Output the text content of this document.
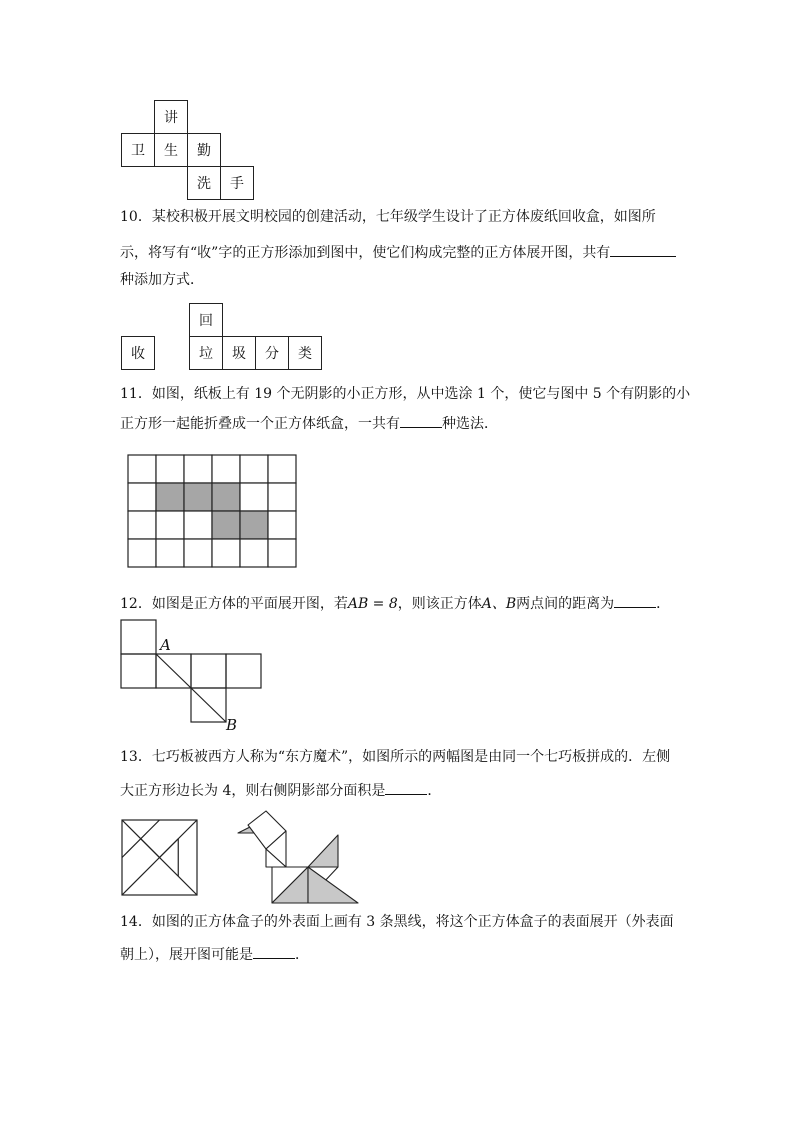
讲
卫	生	勤
洗	手
10．某校积极开展文明校园的创建活动，七年级学生设计了正方体废纸回收盒，如图所
示，将写有“收”字的正方形添加到图中，使它们构成完整的正方体展开图，共有
种添加方式．
收
回
垃	圾	分	类
11．如图，纸板上有 19 个无阴影的小正方形，从中选涂 1 个，使它与图中 5 个有阴影的小
正方形一起能折叠成一个正方体纸盒，一共有	种选法．
12．如图是正方体的平面展开图，若AB = 8，则该正方体A、B两点间的距离为	．
A
B
13．七巧板被西方人称为“东方魔术”，如图所示的两幅图是由同一个七巧板拼成的．左侧
大正方形边长为 4，则右侧阴影部分面积是	．
14．如图的正方体盒子的外表面上画有 3 条黑线，将这个正方体盒子的表面展开（外表面
朝上），展开图可能是	．
